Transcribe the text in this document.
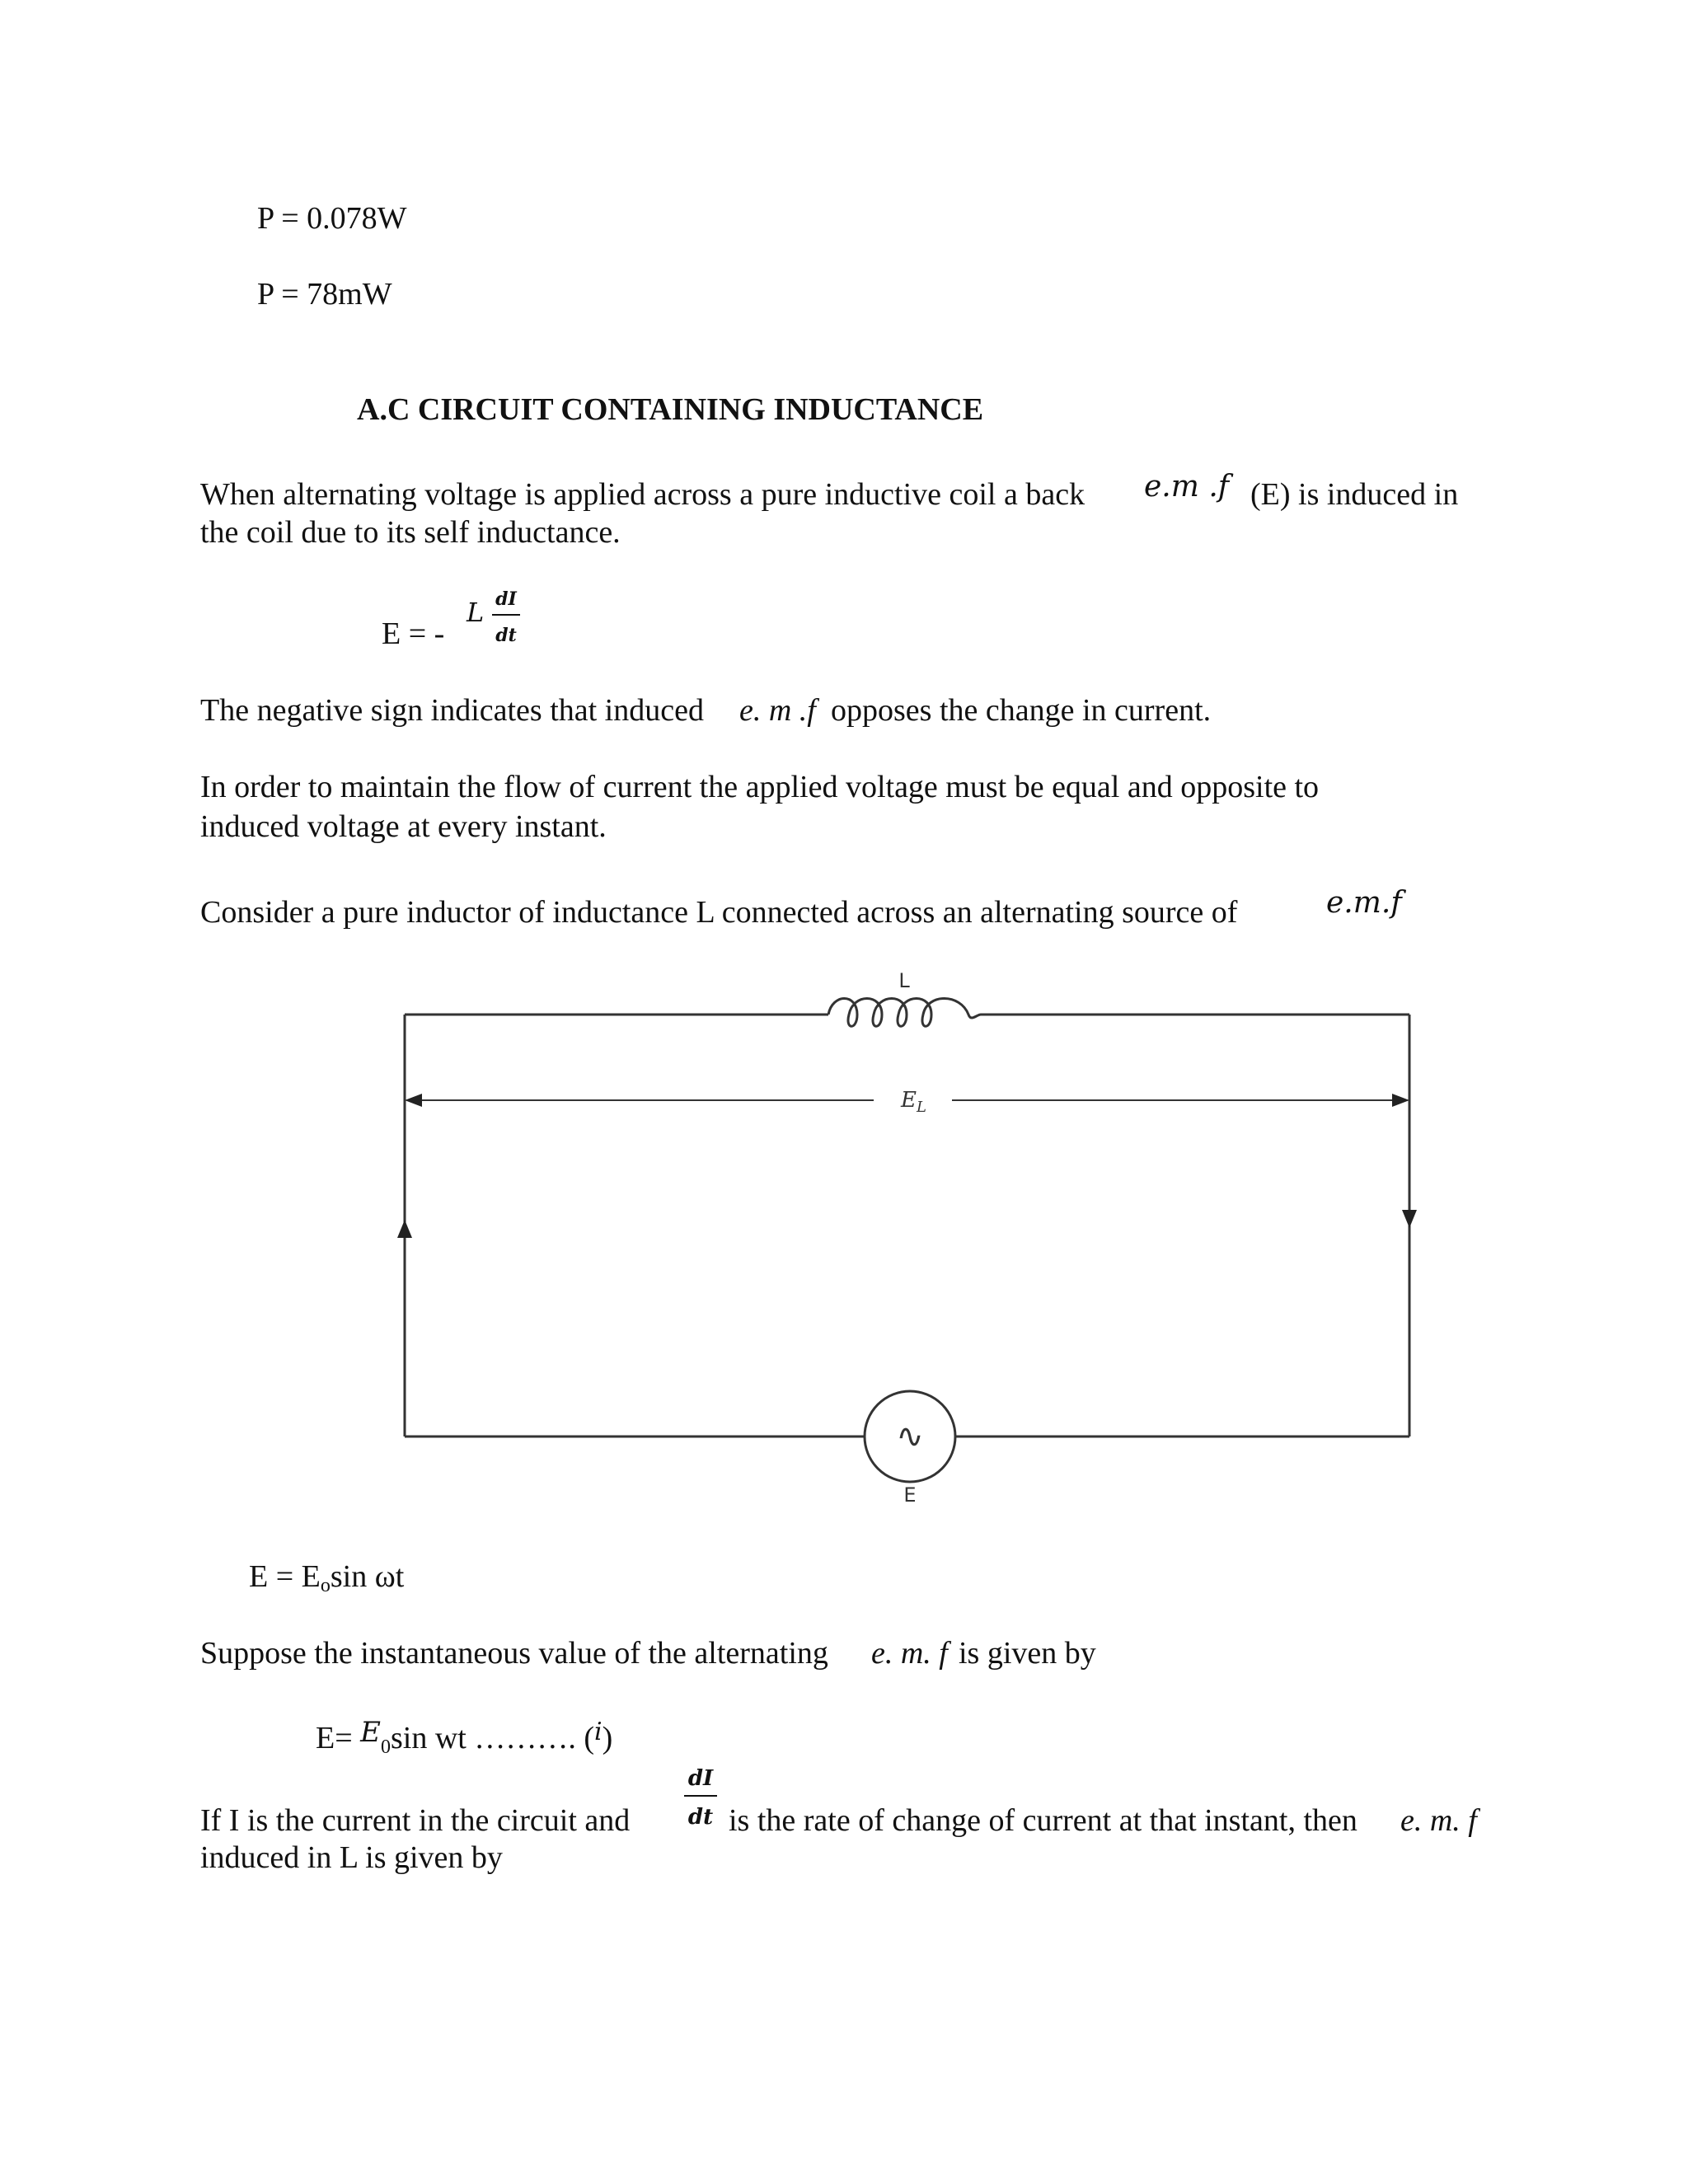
P = 0.078W
P = 78mW
A.C CIRCUIT CONTAINING INDUCTANCE
When alternating voltage is applied across a pure inductive coil a back e.m .f (E) is induced in
the coil due to its self inductance.
E = -
L dI
dt
The negative sign indicates that induced e. m .f opposes the change in current.
In order to maintain the flow of current the applied voltage must be equal and opposite to
induced voltage at every instant.
Consider a pure inductor of inductance L connected across an alternating source of	e.m.f
L
$E_L$
∿
E
$E = E_o\sin$ ωt
Suppose the instantaneous value of the alternating e. m. f is given by
$E= E_0\sin$ wt ………. ($^i$)
dI
dt
If I is the current in the circuit and	is the rate of change of current at that instant, then e. m. f
induced in L is given by
